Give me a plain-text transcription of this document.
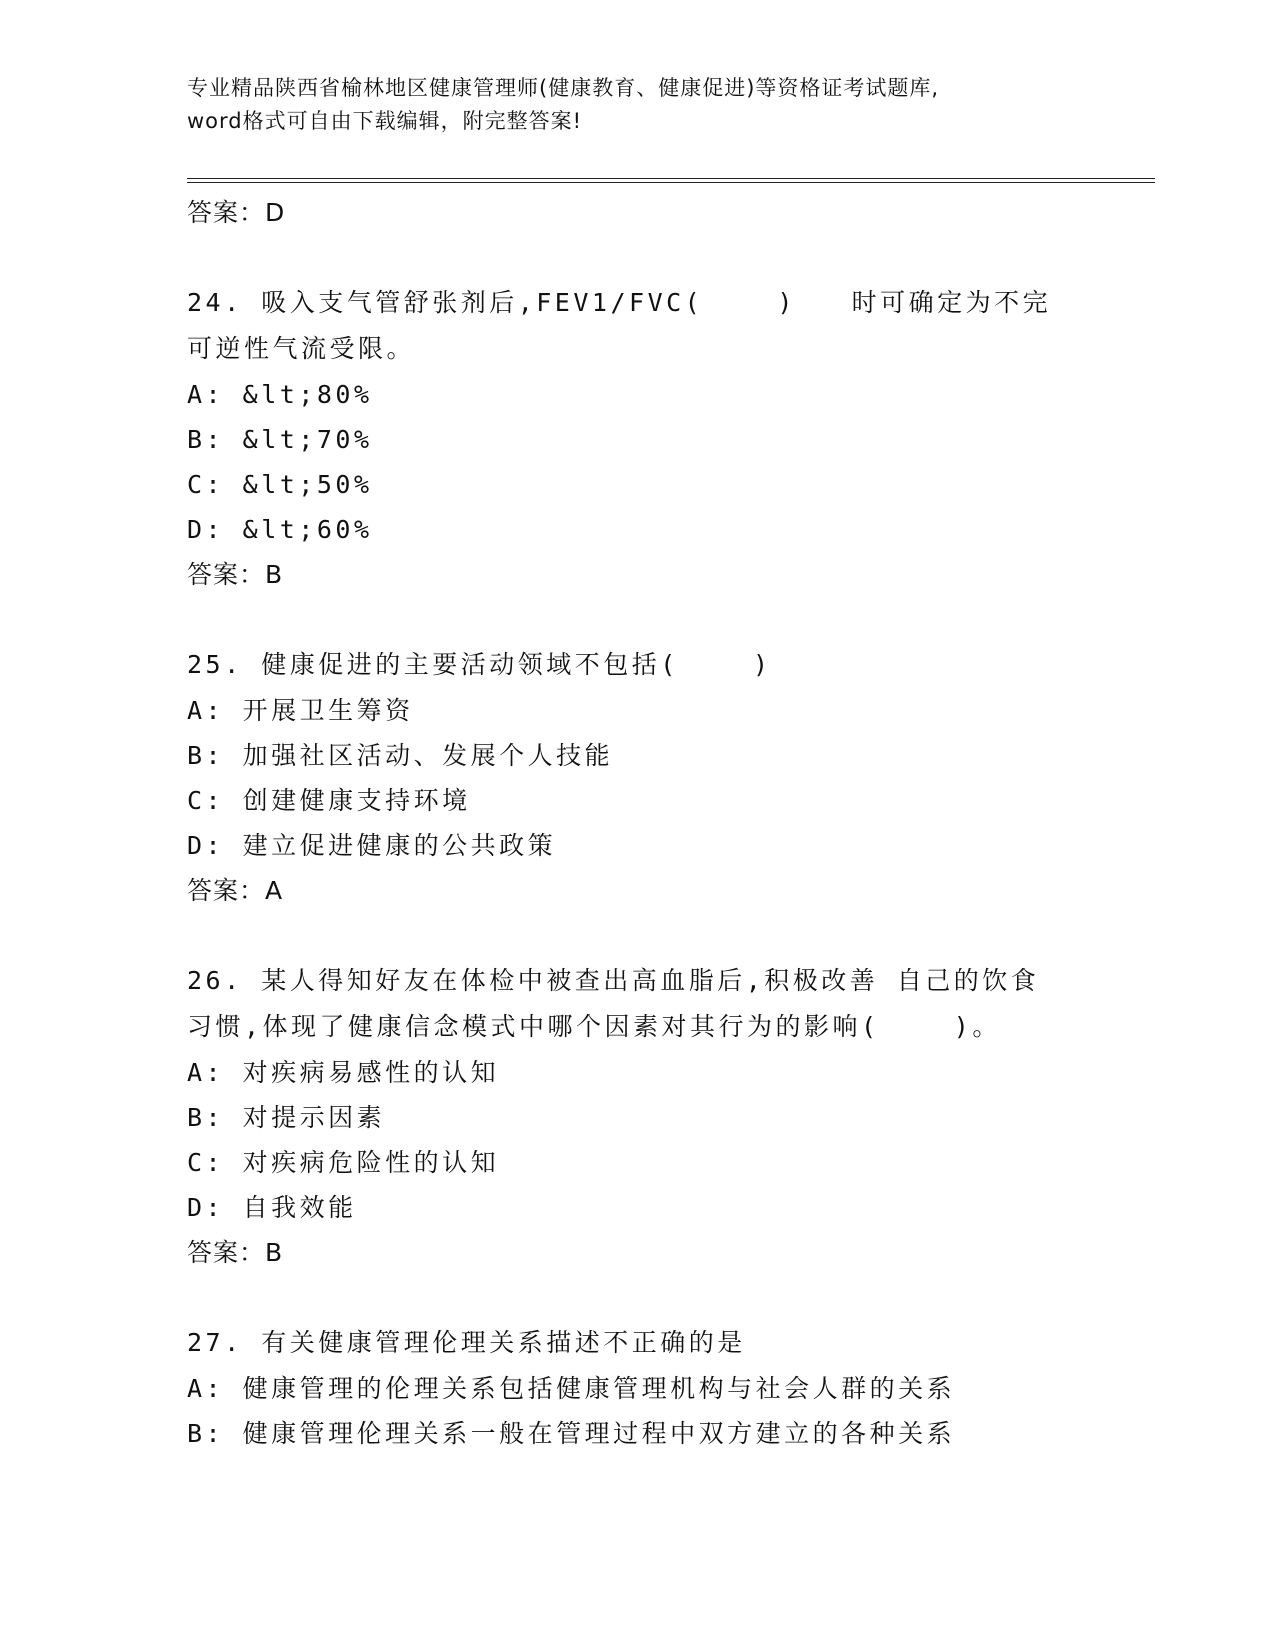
专业精品陕西省榆林地区健康管理师(健康教育、健康促进)等资格证考试题库,
word格式可自由下载编辑，附完整答案!
答案：D
24. 吸入支气管舒张剂后,FEV1/FVC(    )   时可确定为不完可逆性气流受限。
A: &lt;80%
B: &lt;70%
C: &lt;50%
D: &lt;60%
答案：B
25. 健康促进的主要活动领域不包括(    )
A: 开展卫生筹资
B: 加强社区活动、发展个人技能
C: 创建健康支持环境
D: 建立促进健康的公共政策
答案：A
26. 某人得知好友在体检中被查出高血脂后,积极改善 自己的饮食习惯,体现了健康信念模式中哪个因素对其行为的影响(    )。
A: 对疾病易感性的认知
B: 对提示因素
C: 对疾病危险性的认知
D: 自我效能
答案：B
27. 有关健康管理伦理关系描述不正确的是
A: 健康管理的伦理关系包括健康管理机构与社会人群的关系
B: 健康管理伦理关系一般在管理过程中双方建立的各种关系
